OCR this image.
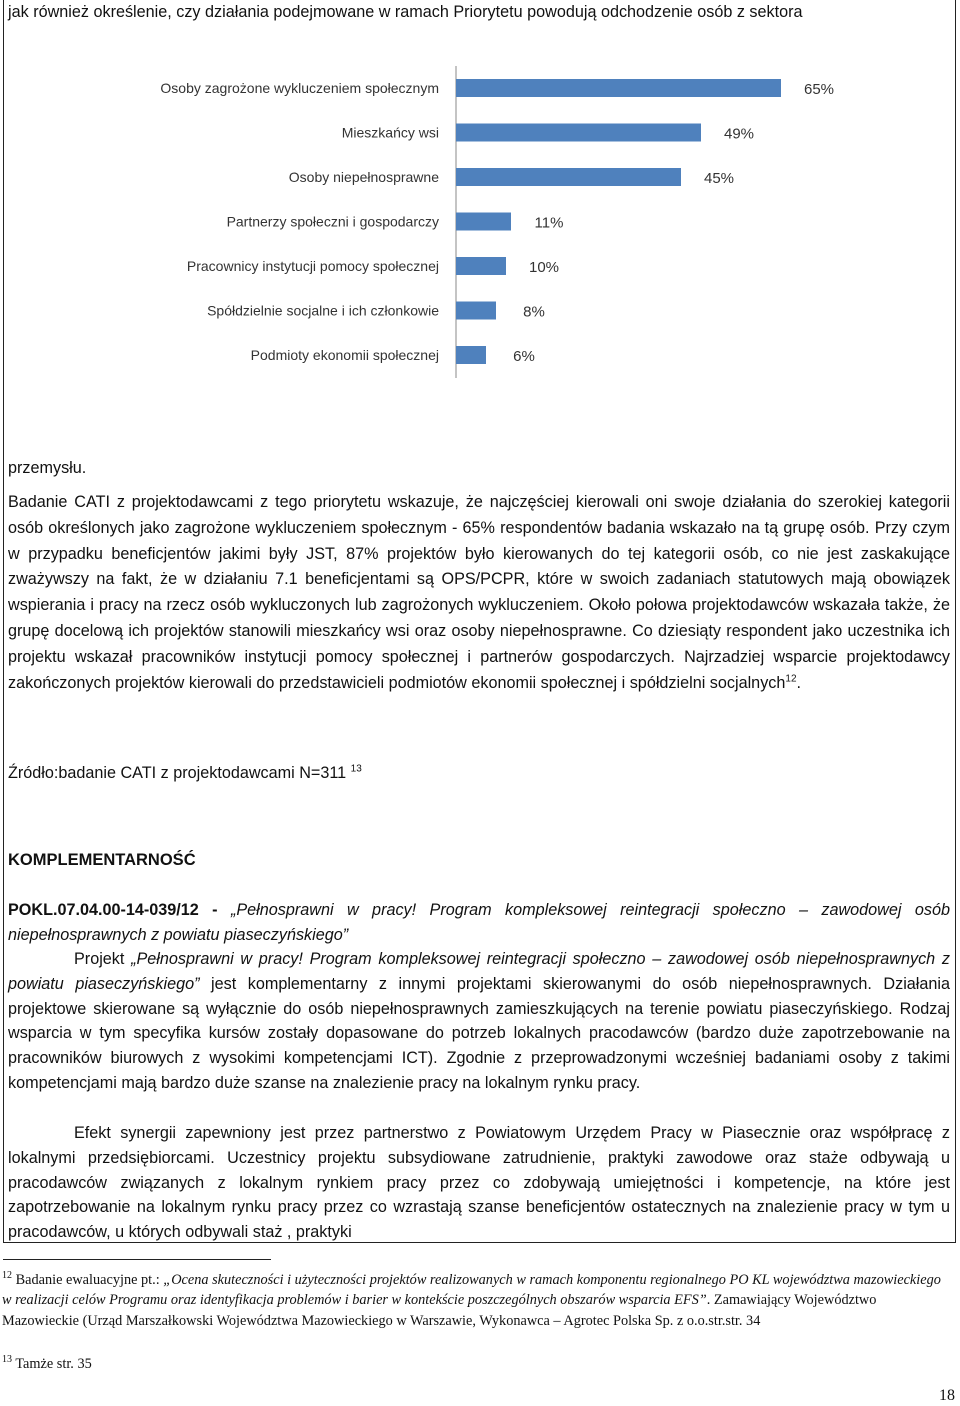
jak również określenie, czy działania podejmowane w ramach Priorytetu powodują odchodzenie osób z sektora

Osoby zagrożone wykluczeniem społecznym	65%
Mieszkańcy wsi	49%
Osoby niepełnosprawne	45%
Partnerzy społeczni i gospodarczy	11%
Pracownicy instytucji pomocy społecznej	10%
Spółdzielnie socjalne i ich członkowie	8%
Podmioty ekonomii społecznej	6%

przemysłu.

Badanie CATI z projektodawcami z tego priorytetu wskazuje, że najczęściej kierowali oni swoje działania do szerokiej kategorii osób określonych jako zagrożone wykluczeniem społecznym - 65% respondentów badania wskazało na tą grupę osób. Przy czym w przypadku beneficjentów jakimi były JST, 87% projektów było kierowanych do tej kategorii osób, co nie jest zaskakujące zważywszy na fakt, że w działaniu 7.1 beneficjentami są OPS/PCPR, które w swoich zadaniach statutowych mają obowiązek wspierania i pracy na rzecz osób wykluczonych lub zagrożonych wykluczeniem. Około połowa projektodawców wskazała także, że grupę docelową ich projektów stanowili mieszkańcy wsi oraz osoby niepełnosprawne. Co dziesiąty respondent jako uczestnika ich projektu wskazał pracowników instytucji pomocy społecznej i partnerów gospodarczych. Najrzadziej wsparcie projektodawcy zakończonych projektów kierowali do przedstawicieli podmiotów ekonomii społecznej i spółdzielni socjalnych$^{12}$.

Źródło:badanie CATI z projektodawcami N=311 $^{13}$

KOMPLEMENTARNOŚĆ

POKL.07.04.00-14-039/12 - „Pełnosprawni w pracy! Program kompleksowej reintegracji społeczno – zawodowej osób niepełnosprawnych z powiatu piaseczyńskiego”

Projekt „Pełnosprawni w pracy! Program kompleksowej reintegracji społeczno – zawodowej osób niepełnosprawnych z powiatu piaseczyńskiego” jest komplementarny z innymi projektami skierowanymi do osób niepełnosprawnych. Działania projektowe skierowane są wyłącznie do osób niepełnosprawnych zamieszkujących na terenie powiatu piaseczyńskiego. Rodzaj wsparcia w tym specyfika kursów zostały dopasowane do potrzeb lokalnych pracodawców (bardzo duże zapotrzebowanie na pracowników biurowych z wysokimi kompetencjami ICT). Zgodnie z przeprowadzonymi wcześniej badaniami osoby z takimi kompetencjami mają bardzo duże szanse na znalezienie pracy na lokalnym rynku pracy.

Efekt synergii zapewniony jest przez partnerstwo z Powiatowym Urzędem Pracy w Piasecznie oraz współpracę z lokalnymi przedsiębiorcami. Uczestnicy projektu subsydiowane zatrudnienie, praktyki zawodowe oraz staże odbywają u pracodawców związanych z lokalnym rynkiem pracy przez co zdobywają umiejętności i kompetencje, na które jest zapotrzebowanie na lokalnym rynku pracy przez co wzrastają szanse beneficjentów ostatecznych na znalezienie pracy w tym u pracodawców, u których odbywali staż , praktyki

$^{12}$ Badanie ewaluacyjne pt.: „Ocena skuteczności i użyteczności projektów realizowanych w ramach komponentu regionalnego PO KL województwa mazowieckiego w realizacji celów Programu oraz identyfikacja problemów i barier w kontekście poszczególnych obszarów wsparcia EFS”. Zamawiający Województwo Mazowieckie (Urząd Marszałkowski Województwa Mazowieckiego w Warszawie, Wykonawca – Agrotec Polska Sp. z o.o.str.str. 34

$^{13}$ Tamże str. 35

18
